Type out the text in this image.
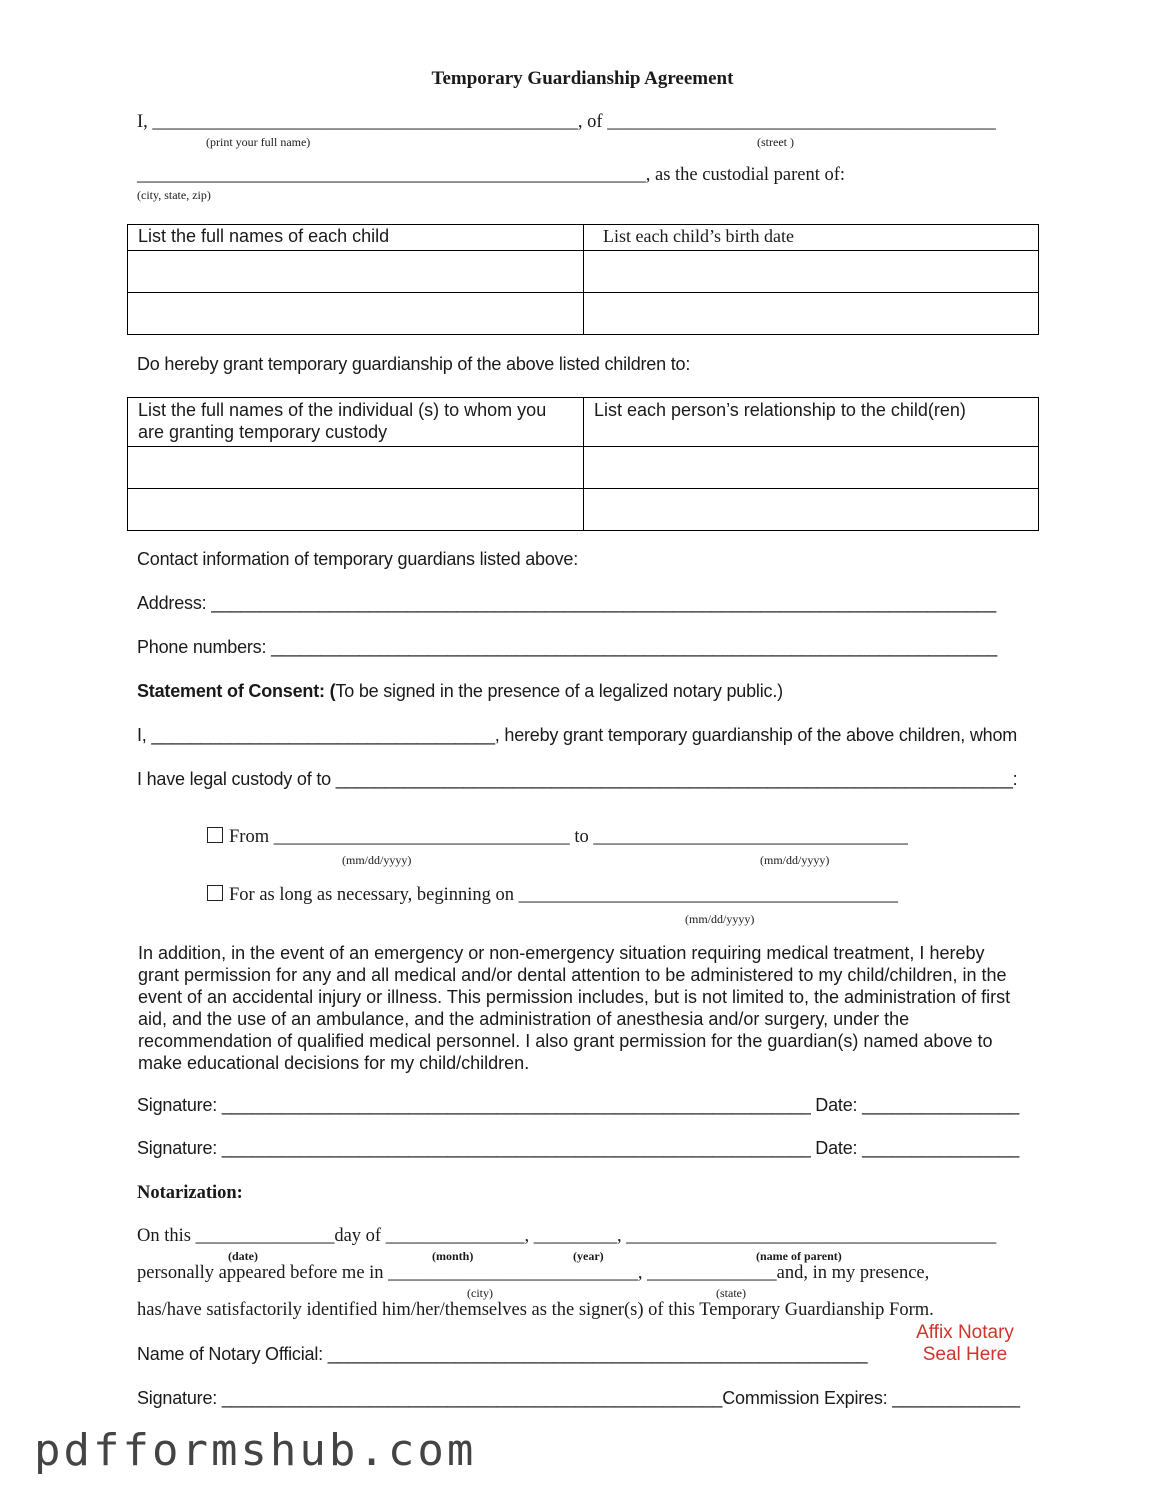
Temporary Guardianship Agreement
I, ______________________________________________, of __________________________________________
(print your full name)	(street )
_______________________________________________________, as the custodial parent of:
(city, state, zip)
List the full names of each child	List each child’s birth date

Do hereby grant temporary guardianship of the above listed children to:
List the full names of the individual (s) to whom you are granting temporary custody	List each person’s relationship to the child(ren)

Contact information of temporary guardians listed above:
Address: ________________________________________________________________________________
Phone numbers: __________________________________________________________________________
Statement of Consent: (To be signed in the presence of a legalized notary public.)
I, ___________________________________, hereby grant temporary guardianship of the above children, whom
I have legal custody of to _____________________________________________________________________:
From ________________________________ to __________________________________
(mm/dd/yyyy)	(mm/dd/yyyy)
For as long as necessary, beginning on _________________________________________
(mm/dd/yyyy)
In addition, in the event of an emergency or non-emergency situation requiring medical treatment, I hereby grant permission for any and all medical and/or dental attention to be administered to my child/children, in the event of an accidental injury or illness. This permission includes, but is not limited to, the administration of first aid, and the use of an ambulance, and the administration of anesthesia and/or surgery, under the recommendation of qualified medical personnel. I also grant permission for the guardian(s) named above to make educational decisions for my child/children.
Signature: ____________________________________________________________ Date: ________________
Signature: ____________________________________________________________ Date: ________________
Notarization:
On this _______________day of _______________, _________, ________________________________________
(date)	(month)	(year)	(name of parent)
personally appeared before me in ___________________________, ______________and, in my presence,
(city)	(state)
has/have satisfactorily identified him/her/themselves as the signer(s) of this Temporary Guardianship Form.
Affix Notary
Seal Here
Name of Notary Official: _______________________________________________________
Signature: ___________________________________________________Commission Expires: _____________
pdfformshub.com
